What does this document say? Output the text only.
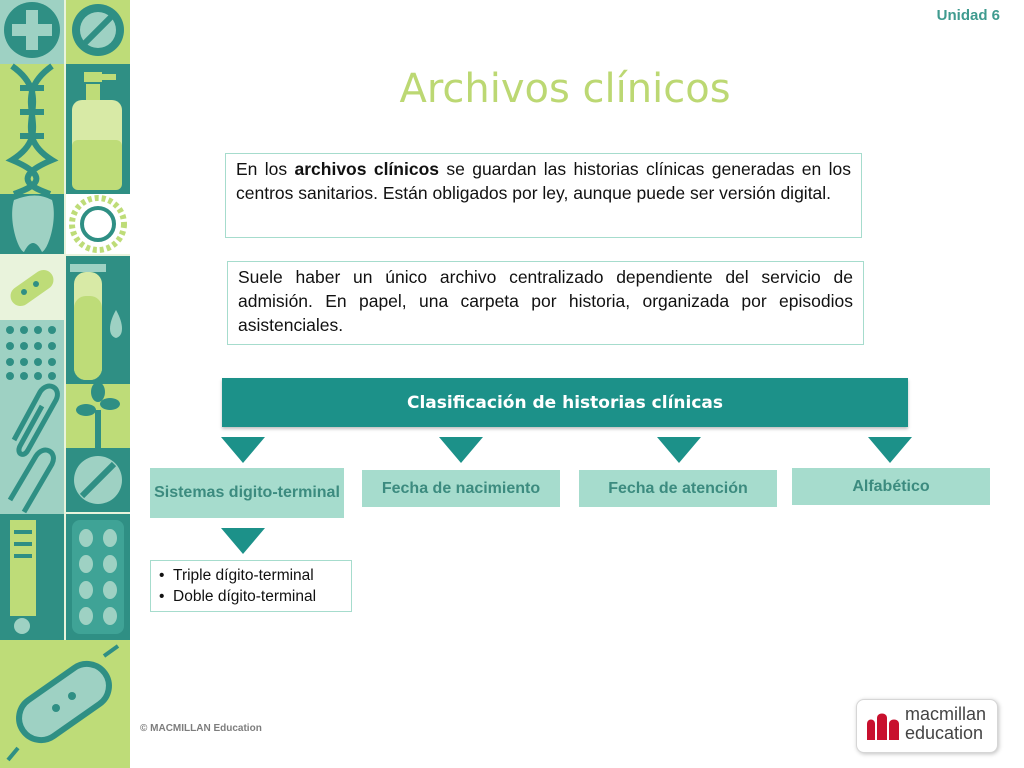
Unidad 6
Archivos clínicos
En los archivos clínicos se guardan las historias clínicas generadas en los centros sanitarios. Están obligados por ley, aunque puede ser versión digital.
Suele haber un único archivo centralizado dependiente del servicio de admisión. En papel, una carpeta por historia, organizada por episodios asistenciales.
Clasificación de historias clínicas
Sistemas digito-terminal	Fecha de nacimiento	Fecha de atención	Alfabético
•  Triple dígito-terminal
•  Doble dígito-terminal
© MACMILLAN Education
macmillan
education
